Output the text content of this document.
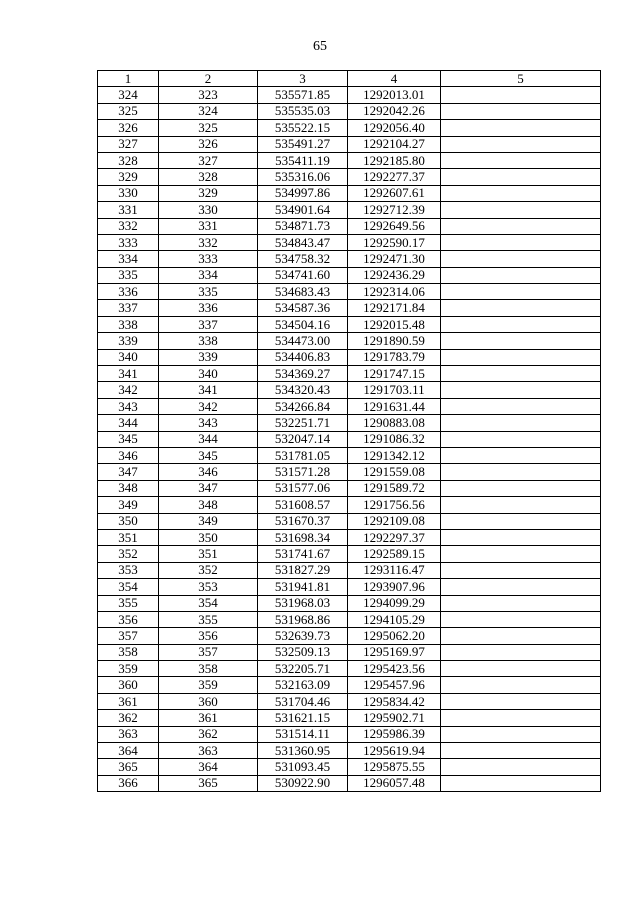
65
1	2	3	4	5
324	323	535571.85	1292013.01	
325	324	535535.03	1292042.26	
326	325	535522.15	1292056.40	
327	326	535491.27	1292104.27	
328	327	535411.19	1292185.80	
329	328	535316.06	1292277.37	
330	329	534997.86	1292607.61	
331	330	534901.64	1292712.39	
332	331	534871.73	1292649.56	
333	332	534843.47	1292590.17	
334	333	534758.32	1292471.30	
335	334	534741.60	1292436.29	
336	335	534683.43	1292314.06	
337	336	534587.36	1292171.84	
338	337	534504.16	1292015.48	
339	338	534473.00	1291890.59	
340	339	534406.83	1291783.79	
341	340	534369.27	1291747.15	
342	341	534320.43	1291703.11	
343	342	534266.84	1291631.44	
344	343	532251.71	1290883.08	
345	344	532047.14	1291086.32	
346	345	531781.05	1291342.12	
347	346	531571.28	1291559.08	
348	347	531577.06	1291589.72	
349	348	531608.57	1291756.56	
350	349	531670.37	1292109.08	
351	350	531698.34	1292297.37	
352	351	531741.67	1292589.15	
353	352	531827.29	1293116.47	
354	353	531941.81	1293907.96	
355	354	531968.03	1294099.29	
356	355	531968.86	1294105.29	
357	356	532639.73	1295062.20	
358	357	532509.13	1295169.97	
359	358	532205.71	1295423.56	
360	359	532163.09	1295457.96	
361	360	531704.46	1295834.42	
362	361	531621.15	1295902.71	
363	362	531514.11	1295986.39	
364	363	531360.95	1295619.94	
365	364	531093.45	1295875.55	
366	365	530922.90	1296057.48	
